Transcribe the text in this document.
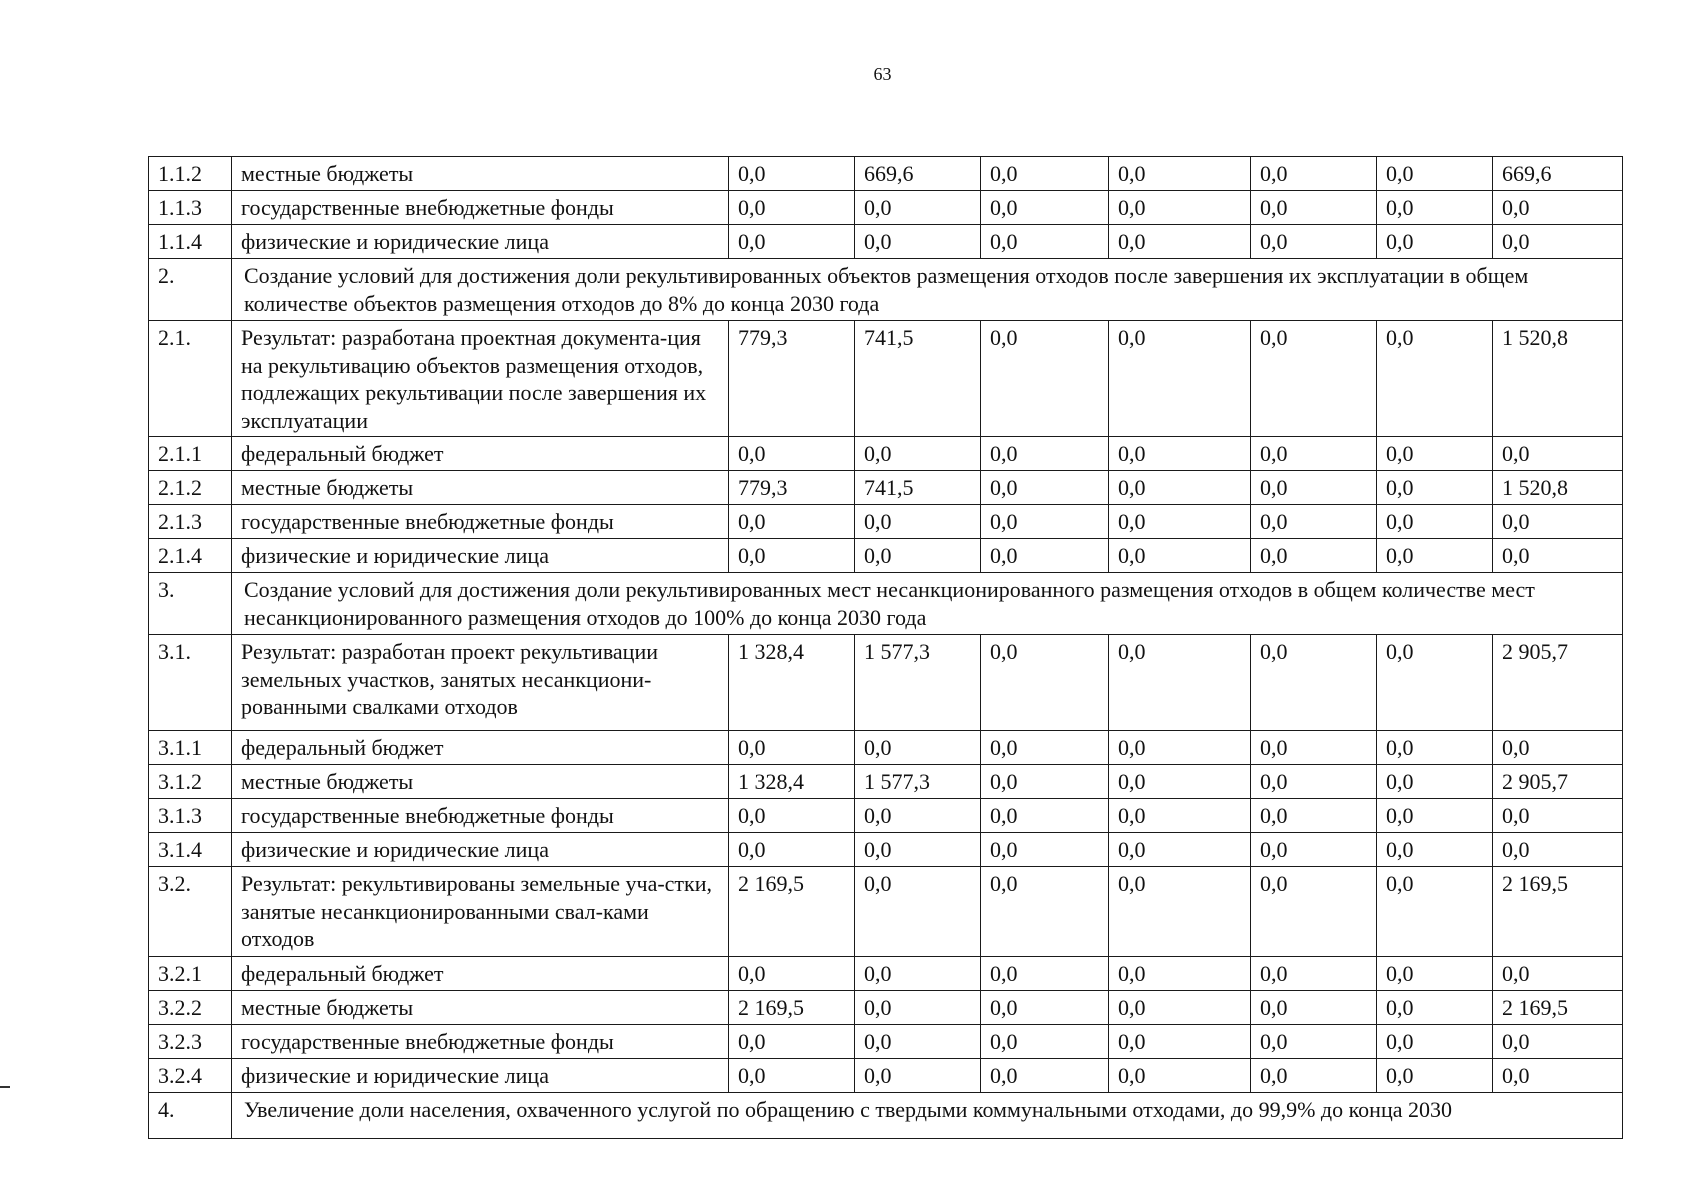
63
1.1.2	местные бюджеты	0,0	669,6	0,0	0,0	0,0	0,0	669,6
1.1.3	государственные внебюджетные фонды	0,0	0,0	0,0	0,0	0,0	0,0	0,0
1.1.4	физические и юридические лица	0,0	0,0	0,0	0,0	0,0	0,0	0,0
2.	Создание условий для достижения доли рекультивированных объектов размещения отходов после завершения их эксплуатации в общем количестве объектов размещения отходов до 8% до конца 2030 года							
2.1.	Результат: разработана проектная документа-ция на рекультивацию объектов размещения отходов, подлежащих рекультивации после завершения их эксплуатации	779,3	741,5	0,0	0,0	0,0	0,0	1 520,8
2.1.1	федеральный бюджет	0,0	0,0	0,0	0,0	0,0	0,0	0,0
2.1.2	местные бюджеты	779,3	741,5	0,0	0,0	0,0	0,0	1 520,8
2.1.3	государственные внебюджетные фонды	0,0	0,0	0,0	0,0	0,0	0,0	0,0
2.1.4	физические и юридические лица	0,0	0,0	0,0	0,0	0,0	0,0	0,0
3.	Создание условий для достижения доли рекультивированных мест несанкционированного размещения отходов в общем количестве мест несанкционированного размещения отходов до 100% до конца 2030 года							
3.1.	Результат: разработан проект рекультивации земельных участков, занятых несанкциони-рованными свалками отходов	1 328,4	1 577,3	0,0	0,0	0,0	0,0	2 905,7
3.1.1	федеральный бюджет	0,0	0,0	0,0	0,0	0,0	0,0	0,0
3.1.2	местные бюджеты	1 328,4	1 577,3	0,0	0,0	0,0	0,0	2 905,7
3.1.3	государственные внебюджетные фонды	0,0	0,0	0,0	0,0	0,0	0,0	0,0
3.1.4	физические и юридические лица	0,0	0,0	0,0	0,0	0,0	0,0	0,0
3.2.	Результат: рекультивированы земельные уча-стки, занятые несанкционированными свал-ками отходов	2 169,5	0,0	0,0	0,0	0,0	0,0	2 169,5
3.2.1	федеральный бюджет	0,0	0,0	0,0	0,0	0,0	0,0	0,0
3.2.2	местные бюджеты	2 169,5	0,0	0,0	0,0	0,0	0,0	2 169,5
3.2.3	государственные внебюджетные фонды	0,0	0,0	0,0	0,0	0,0	0,0	0,0
3.2.4	физические и юридические лица	0,0	0,0	0,0	0,0	0,0	0,0	0,0
4.	Увеличение доли населения, охваченного услугой по обращению с твердыми коммунальными отходами, до 99,9% до конца 2030							
